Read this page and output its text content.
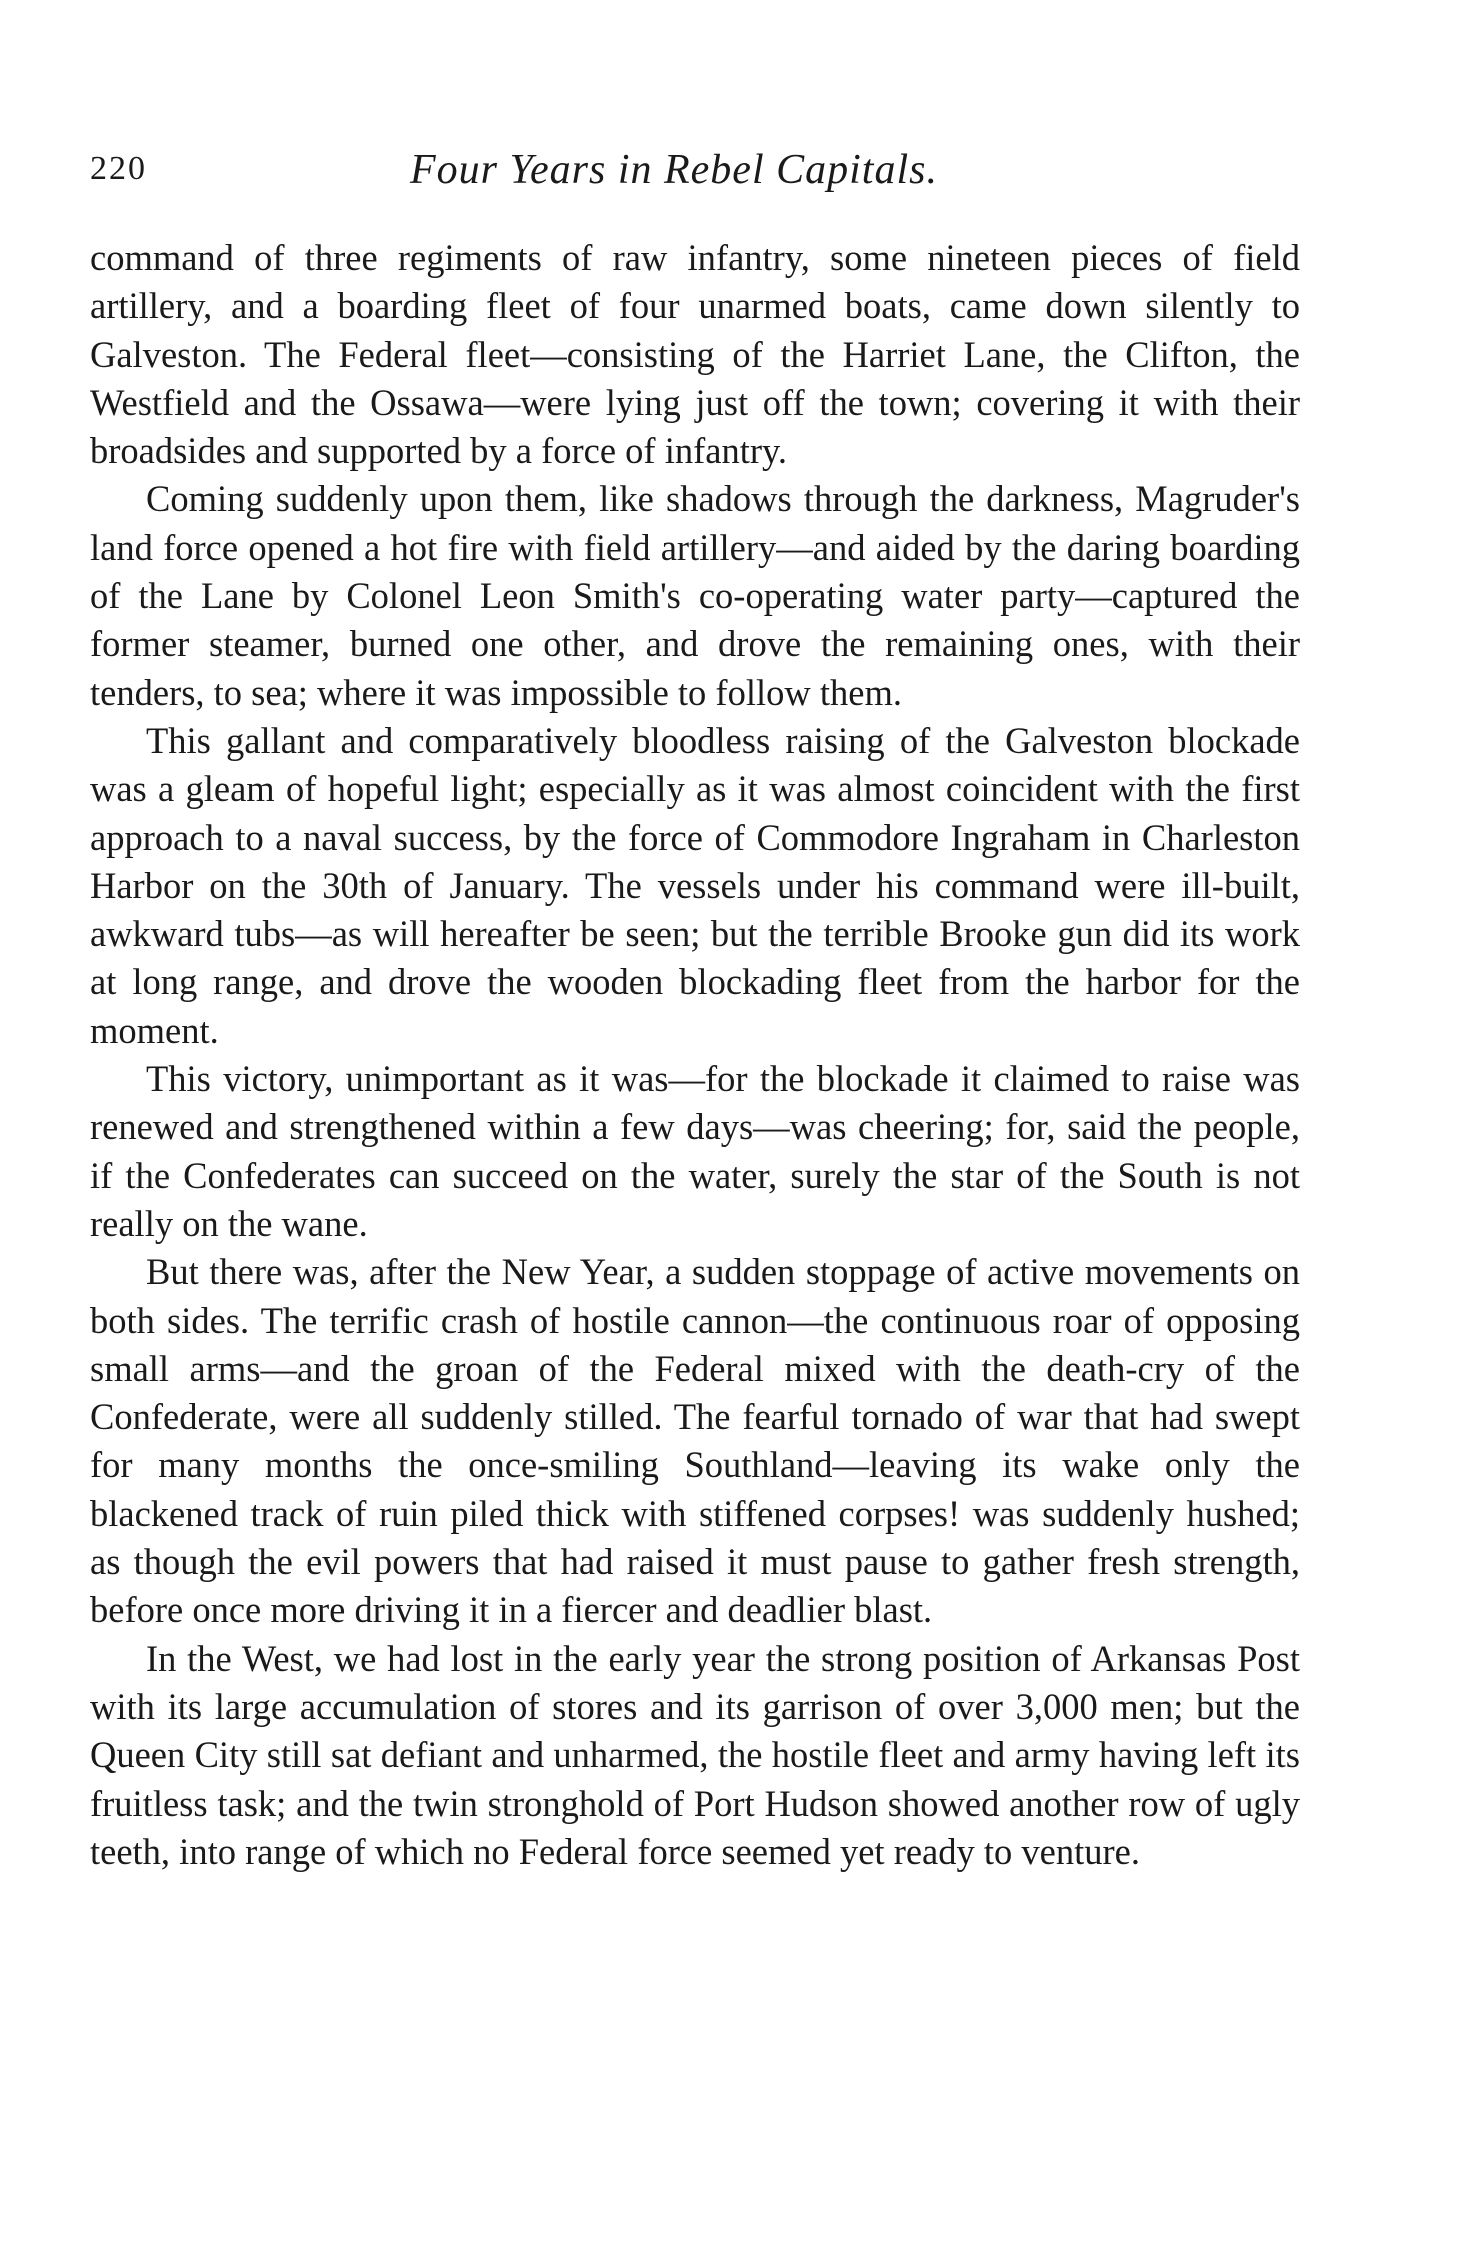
220	Four Years in Rebel Capitals.

command of three regiments of raw infantry, some nineteen pieces of field artillery, and a boarding fleet of four unarmed boats, came down silently to Galveston. The Federal fleet—consisting of the Harriet Lane, the Clifton, the Westfield and the Ossawa—were lying just off the town; covering it with their broadsides and supported by a force of infantry.

Coming suddenly upon them, like shadows through the darkness, Magruder's land force opened a hot fire with field artillery—and aided by the daring boarding of the Lane by Colonel Leon Smith's co-operating water party—captured the former steamer, burned one other, and drove the remaining ones, with their tenders, to sea; where it was impossible to follow them.

This gallant and comparatively bloodless raising of the Galveston blockade was a gleam of hopeful light; especially as it was almost coincident with the first approach to a naval success, by the force of Commodore Ingraham in Charleston Harbor on the 30th of January. The vessels under his command were ill-built, awkward tubs—as will hereafter be seen; but the terrible Brooke gun did its work at long range, and drove the wooden blockading fleet from the harbor for the moment.

This victory, unimportant as it was—for the blockade it claimed to raise was renewed and strengthened within a few days—was cheering; for, said the people, if the Confederates can succeed on the water, surely the star of the South is not really on the wane.

But there was, after the New Year, a sudden stoppage of active movements on both sides. The terrific crash of hostile cannon—the continuous roar of opposing small arms—and the groan of the Federal mixed with the death-cry of the Confederate, were all suddenly stilled. The fearful tornado of war that had swept for many months the once-smiling Southland—leaving its wake only the blackened track of ruin piled thick with stiffened corpses! was suddenly hushed; as though the evil powers that had raised it must pause to gather fresh strength, before once more driving it in a fiercer and deadlier blast.

In the West, we had lost in the early year the strong position of Arkansas Post with its large accumulation of stores and its garrison of over 3,000 men; but the Queen City still sat defiant and unharmed, the hostile fleet and army having left its fruitless task; and the twin stronghold of Port Hudson showed another row of ugly teeth, into range of which no Federal force seemed yet ready to venture.
